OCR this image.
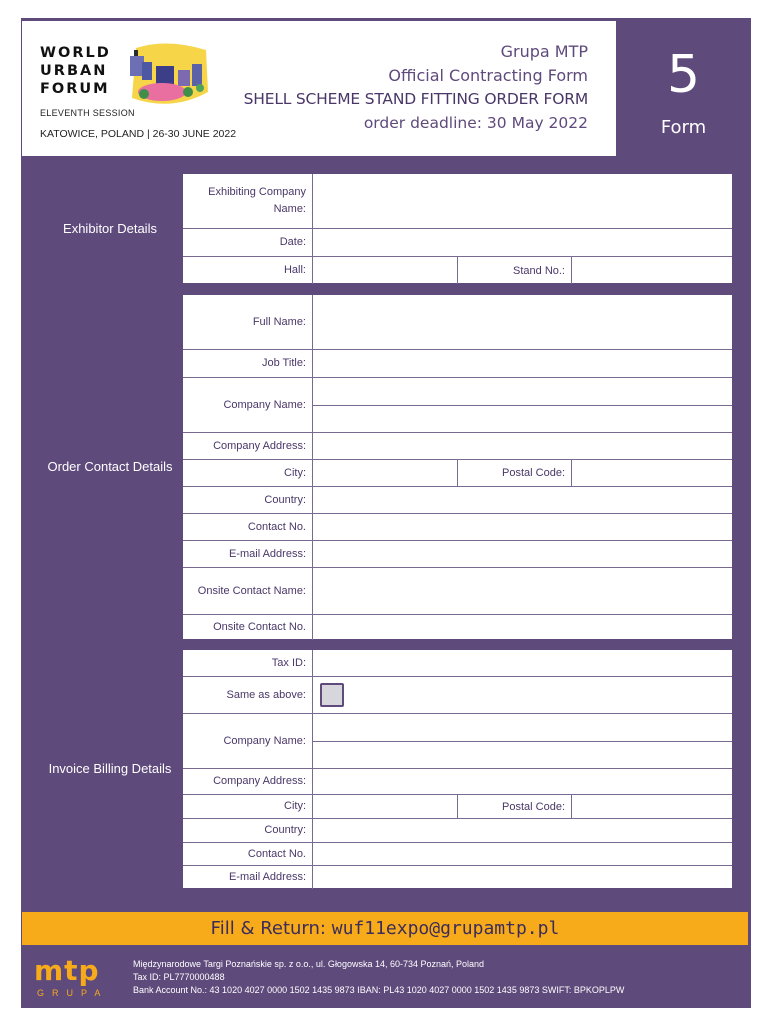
WORLD
URBAN
FORUM
ELEVENTH SESSION
KATOWICE, POLAND | 26-30 JUNE 2022
Grupa MTP
Official Contracting Form
SHELL SCHEME STAND FITTING ORDER FORM
order deadline: 30 May 2022
5
Form
Exhibitor Details
Exhibiting Company Name:
Date:
Hall:	Stand No.:
Order Contact Details
Full Name:
Job Title:
Company Name:
Company Address:
City:	Postal Code:
Country:
Contact No.
E-mail Address:
Onsite Contact Name:
Onsite Contact No.
Invoice Billing Details
Tax ID:
Same as above:
Company Name:
Company Address:
City:	Postal Code:
Country:
Contact No.
E-mail Address:
Fill & Return: wuf11expo@grupamtp.pl
mtp
GRUPA
Międzynarodowe Targi Poznańskie sp. z o.o., ul. Głogowska 14, 60-734 Poznań, Poland
Tax ID: PL7770000488
Bank Account No.: 43 1020 4027 0000 1502 1435 9873 IBAN: PL43 1020 4027 0000 1502 1435 9873 SWIFT: BPKOPLPW
